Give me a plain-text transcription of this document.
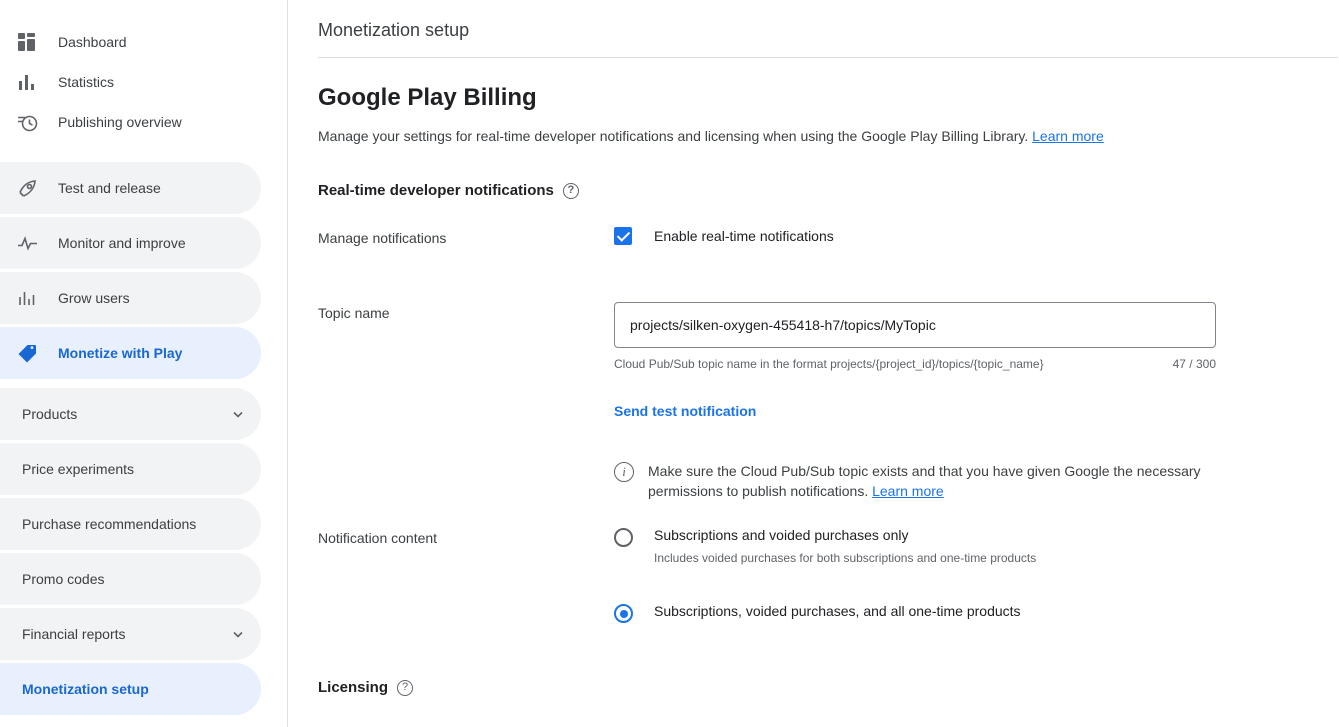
Dashboard
Statistics
Publishing overview
Test and release
Monitor and improve
Grow users
Monetize with Play
Products
Price experiments
Purchase recommendations
Promo codes
Financial reports
Monetization setup
Monetization setup
Google Play Billing

Manage your settings for real-time developer notifications and licensing when using the Google Play Billing Library. Learn more

Real-time developer notifications	?
Manage notifications	Enable real-time notifications
Topic name
projects/silken-oxygen-455418-h7/topics/MyTopic
Cloud Pub/Sub topic name in the format projects/{project_id}/topics/{topic_name}	47 / 300
Send test notification
i	Make sure the Cloud Pub/Sub topic exists and that you have given Google the necessary permissions to publish notifications. Learn more
Notification content	Subscriptions and voided purchases only
Includes voided purchases for both subscriptions and one-time products
Subscriptions, voided purchases, and all one-time products
Licensing	?
